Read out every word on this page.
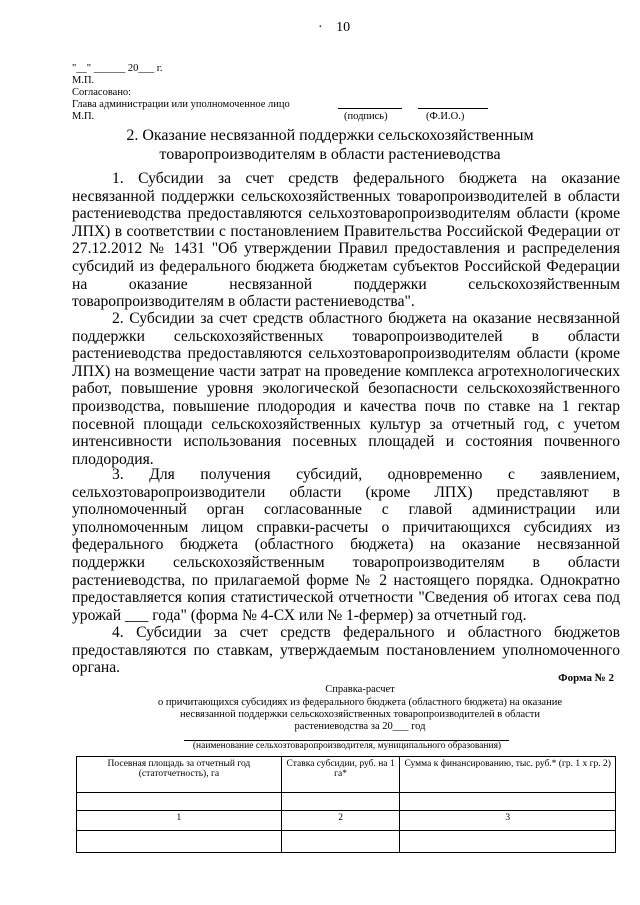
· 10
"__" ______ 20___ г.
М.П.
Согласовано:
Глава администрации или уполномоченное лицо
М.П.	(подпись)	(Ф.И.О.)
2. Оказание несвязанной поддержки сельскохозяйственным
товаропроизводителям в области растениеводства

1. Субсидии за счет средств федерального бюджета на оказание несвязанной поддержки сельскохозяйственных товаропроизводителей в области растениеводства предоставляются сельхозтоваропроизводителям области (кроме ЛПХ) в соответствии с постановлением Правительства Российской Федерации от 27.12.2012 № 1431 "Об утверждении Правил предоставления и распределения субсидий из федерального бюджета бюджетам субъектов Российской Федерации на оказание несвязанной поддержки сельскохозяйственным товаропроизводителям в области растениеводства".

2. Субсидии за счет средств областного бюджета на оказание несвязанной поддержки сельскохозяйственных товаропроизводителей в области растениеводства предоставляются сельхозтоваропроизводителям области (кроме ЛПХ) на возмещение части затрат на проведение комплекса агротехнологических работ, повышение уровня экологической безопасности сельскохозяйственного производства, повышение плодородия и качества почв по ставке на 1 гектар посевной площади сельскохозяйственных культур за отчетный год, с учетом интенсивности использования посевных площадей и состояния почвенного плодородия.

3. Для получения субсидий, одновременно с заявлением, сельхозтоваропроизводители области (кроме ЛПХ) представляют в уполномоченный орган согласованные с главой администрации или уполномоченным лицом справки-расчеты о причитающихся субсидиях из федерального бюджета (областного бюджета) на оказание несвязанной поддержки сельскохозяйственным товаропроизводителям в области растениеводства, по прилагаемой форме № 2 настоящего порядка. Однократно предоставляется копия статистической отчетности "Сведения об итогах сева под урожай ___ года" (форма № 4-СХ или № 1-фермер) за отчетный год.

4. Субсидии за счет средств федерального и областного бюджетов предоставляются по ставкам, утверждаемым постановлением уполномоченного органа.

Форма № 2
Справка-расчет
о причитающихся субсидиях из федерального бюджета (областного бюджета) на оказание
несвязанной поддержки сельскохозяйственных товаропроизводителей в области
растениеводства за 20___ год
(наименование сельхозтоваропроизводителя, муниципального образования)
Посевная площадь за отчетный год (статотчетность), га	Ставка субсидии, руб. на 1 га*	Сумма к финансированию, тыс. руб.* (гр. 1 х гр. 2)

1	2	3
